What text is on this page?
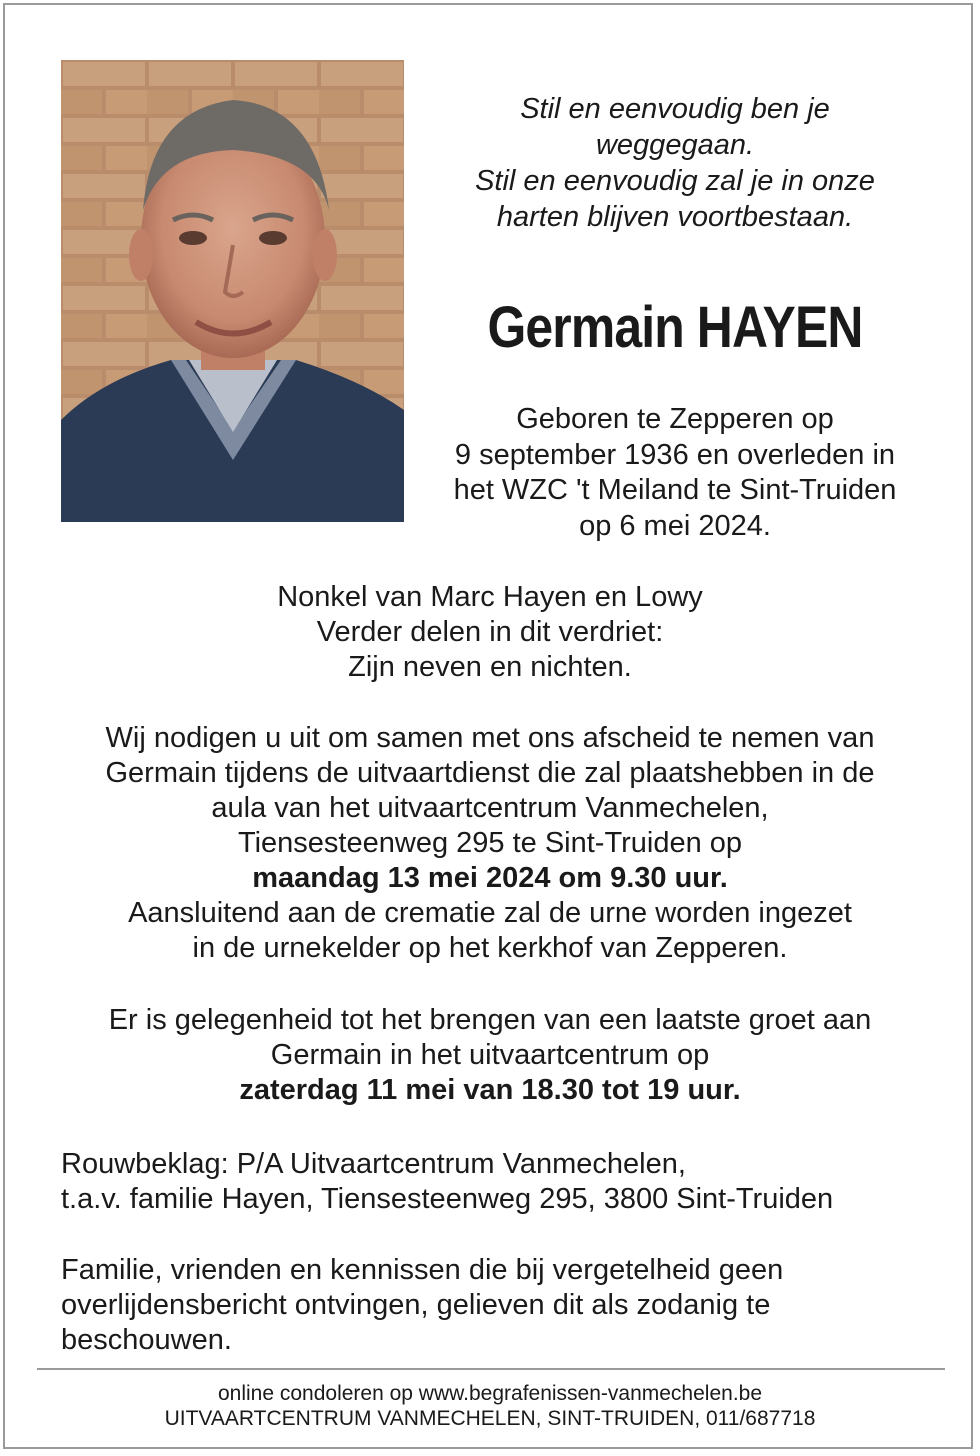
Stil en eenvoudig ben je
weggegaan.
Stil en eenvoudig zal je in onze
harten blijven voortbestaan.
Germain HAYEN
Geboren te Zepperen op
9 september 1936 en overleden in
het WZC 't Meiland te Sint-Truiden
op 6 mei 2024.
Nonkel van Marc Hayen en Lowy
Verder delen in dit verdriet:
Zijn neven en nichten.
Wij nodigen u uit om samen met ons afscheid te nemen van
Germain tijdens de uitvaartdienst die zal plaatshebben in de
aula van het uitvaartcentrum Vanmechelen,
Tiensesteenweg 295 te Sint-Truiden op
maandag 13 mei 2024 om 9.30 uur.
Aansluitend aan de crematie zal de urne worden ingezet
in de urnekelder op het kerkhof van Zepperen.
Er is gelegenheid tot het brengen van een laatste groet aan
Germain in het uitvaartcentrum op
zaterdag 11 mei van 18.30 tot 19 uur.
Rouwbeklag: P/A Uitvaartcentrum Vanmechelen,
t.a.v. familie Hayen, Tiensesteenweg 295, 3800 Sint-Truiden
Familie, vrienden en kennissen die bij vergetelheid geen
overlijdensbericht ontvingen, gelieven dit als zodanig te
beschouwen.
online condoleren op www.begrafenissen-vanmechelen.be
UITVAARTCENTRUM VANMECHELEN, SINT-TRUIDEN, 011/687718
